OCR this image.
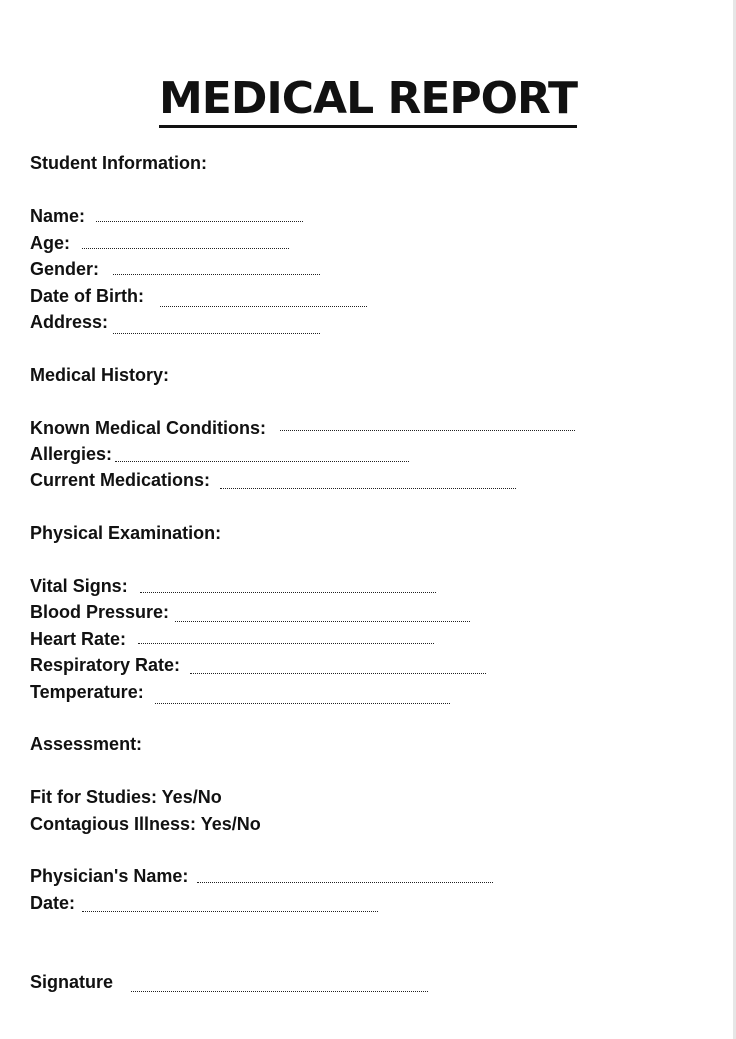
MEDICAL REPORT
Student Information:
Name:
Age:
Gender:
Date of Birth:
Address:
Medical History:
Known Medical Conditions:
Allergies:
Current Medications:
Physical Examination:
Vital Signs:
Blood Pressure:
Heart Rate:
Respiratory Rate:
Temperature:
Assessment:
Fit for Studies: Yes/No
Contagious Illness: Yes/No
Physician's Name:
Date:
Signature
